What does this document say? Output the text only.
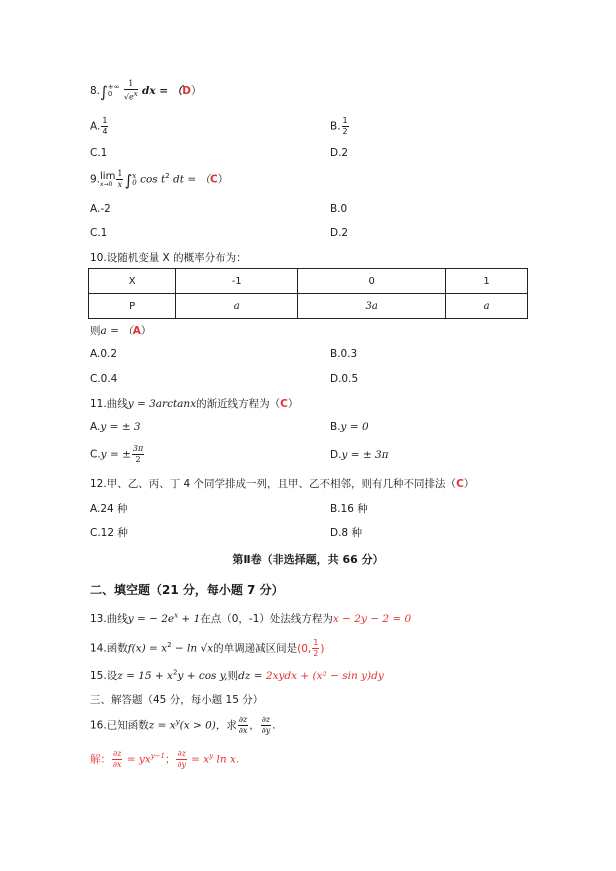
8.∫ +∞
0
	$\frac{1}{√ex}$ dx = （D）
A. $\frac{1}{4}$	B. $\frac{1}{2}$
C.1	D.2
9. lim
$x\to 0 \frac{1}{x}$ ∫ x
0 $\cos t^2$ dt = （C）
A.-2	B.0
C.1	D.2
10.设随机变量 X 的概率分布为：
X	-1	0	1
P	a	3a	a
则a = （A）
A.0.2	B.0.3
C.0.4	D.0.5
11.曲线y = 3arctanx的渐近线方程为（C）
A.y = ± 3	B.y = 0
C.y = ± $\frac{3\pi}{2}$	D.y = ± 3π
12.甲、乙、丙、丁 4 个同学排成一列，且甲、乙不相邻，则有几种不同排法（C）
A.24 种	B.16 种
C.12 种	D.8 种
第Ⅱ卷（非选择题，共 66 分）
二、填空题（21 分，每小题 7 分）
13.曲线y = − $2e^x + 1$在点（0，-1）处法线方程为x − 2y − 2 = 0
14.函数$f(x) = x^2 - \ln √x$的单调递减区间是(0, $\frac{1}{2}$ )
15.设$z = 15 + x^2y + \cos y$,则dz = 2xydx + (x² − sin y)dy
三、解答题（45 分，每小题 15 分）
16.已知函数$z = x^y(x > 0)$，求 $\frac{\partial z}{\partial x}$ ， $\frac{\partial z}{\partial y}$ .
解： $\frac{\partial z}{\partial x} = yx^{y-1}$； $\frac{\partial z}{\partial y} = x^y$ ln x.
